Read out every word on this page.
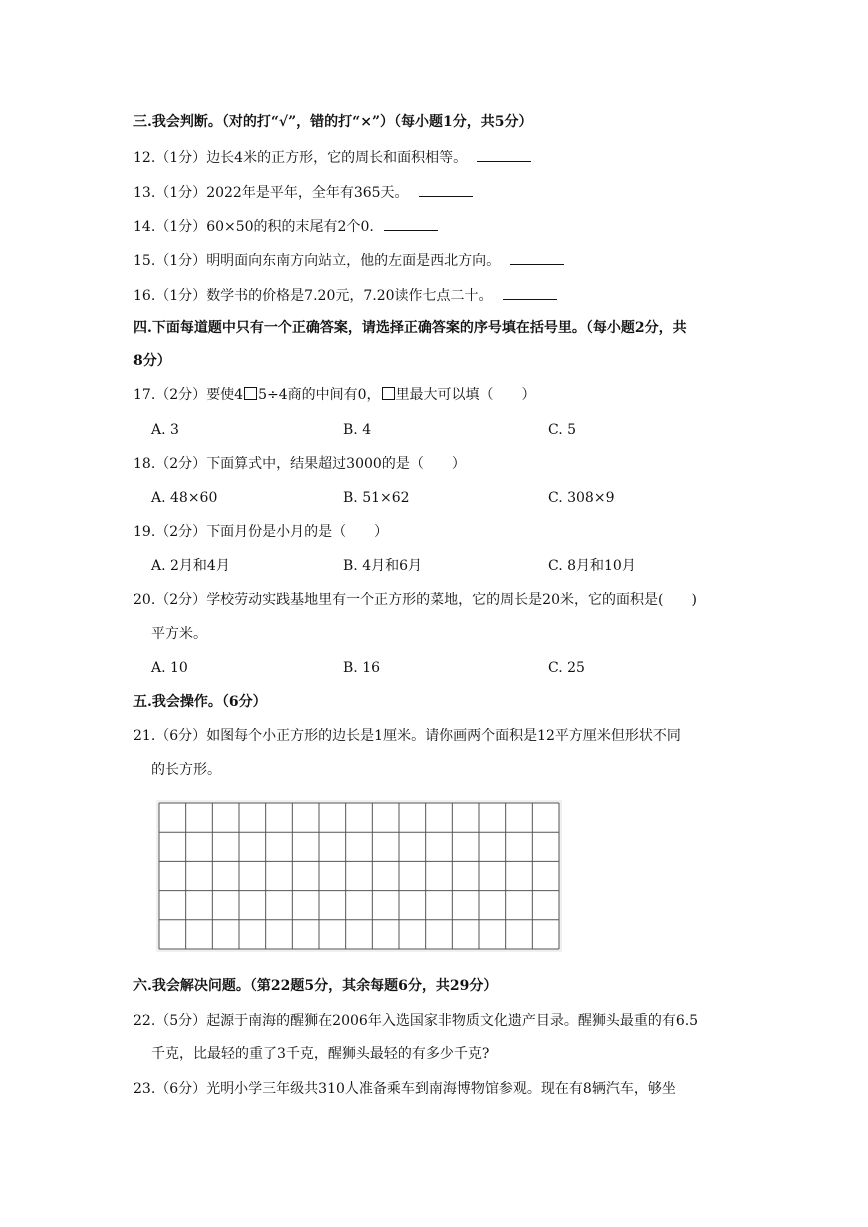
三.我会判断。（对的打“√”，错的打“×”）（每小题1分，共5分）
12.（1分）边长4米的正方形，它的周长和面积相等。
13.（1分）2022年是平年，全年有365天。
14.（1分）60×50的积的末尾有2个0.
15.（1分）明明面向东南方向站立，他的左面是西北方向。
16.（1分）数学书的价格是7.20元，7.20读作七点二十。
四.下面每道题中只有一个正确答案，请选择正确答案的序号填在括号里。（每小题2分，共
8分）
17.（2分）要使4 5÷4商的中间有0， 里最大可以填（　　）
A. 3	B. 4	C. 5
18.（2分）下面算式中，结果超过3000的是（　　）
A. 48×60	B. 51×62	C. 308×9
19.（2分）下面月份是小月的是（　　）
A. 2月和4月	B. 4月和6月	C. 8月和10月
20.（2分）学校劳动实践基地里有一个正方形的菜地，它的周长是20米，它的面积是(　　)
平方米。
A. 10	B. 16	C. 25
五.我会操作。（6分）
21.（6分）如图每个小正方形的边长是1厘米。请你画两个面积是12平方厘米但形状不同
的长方形。
六.我会解决问题。（第22题5分，其余每题6分，共29分）
22.（5分）起源于南海的醒狮在2006年入选国家非物质文化遗产目录。醒狮头最重的有6.5
千克，比最轻的重了3千克，醒狮头最轻的有多少千克?
23.（6分）光明小学三年级共310人准备乘车到南海博物馆参观。现在有8辆汽车，够坐
